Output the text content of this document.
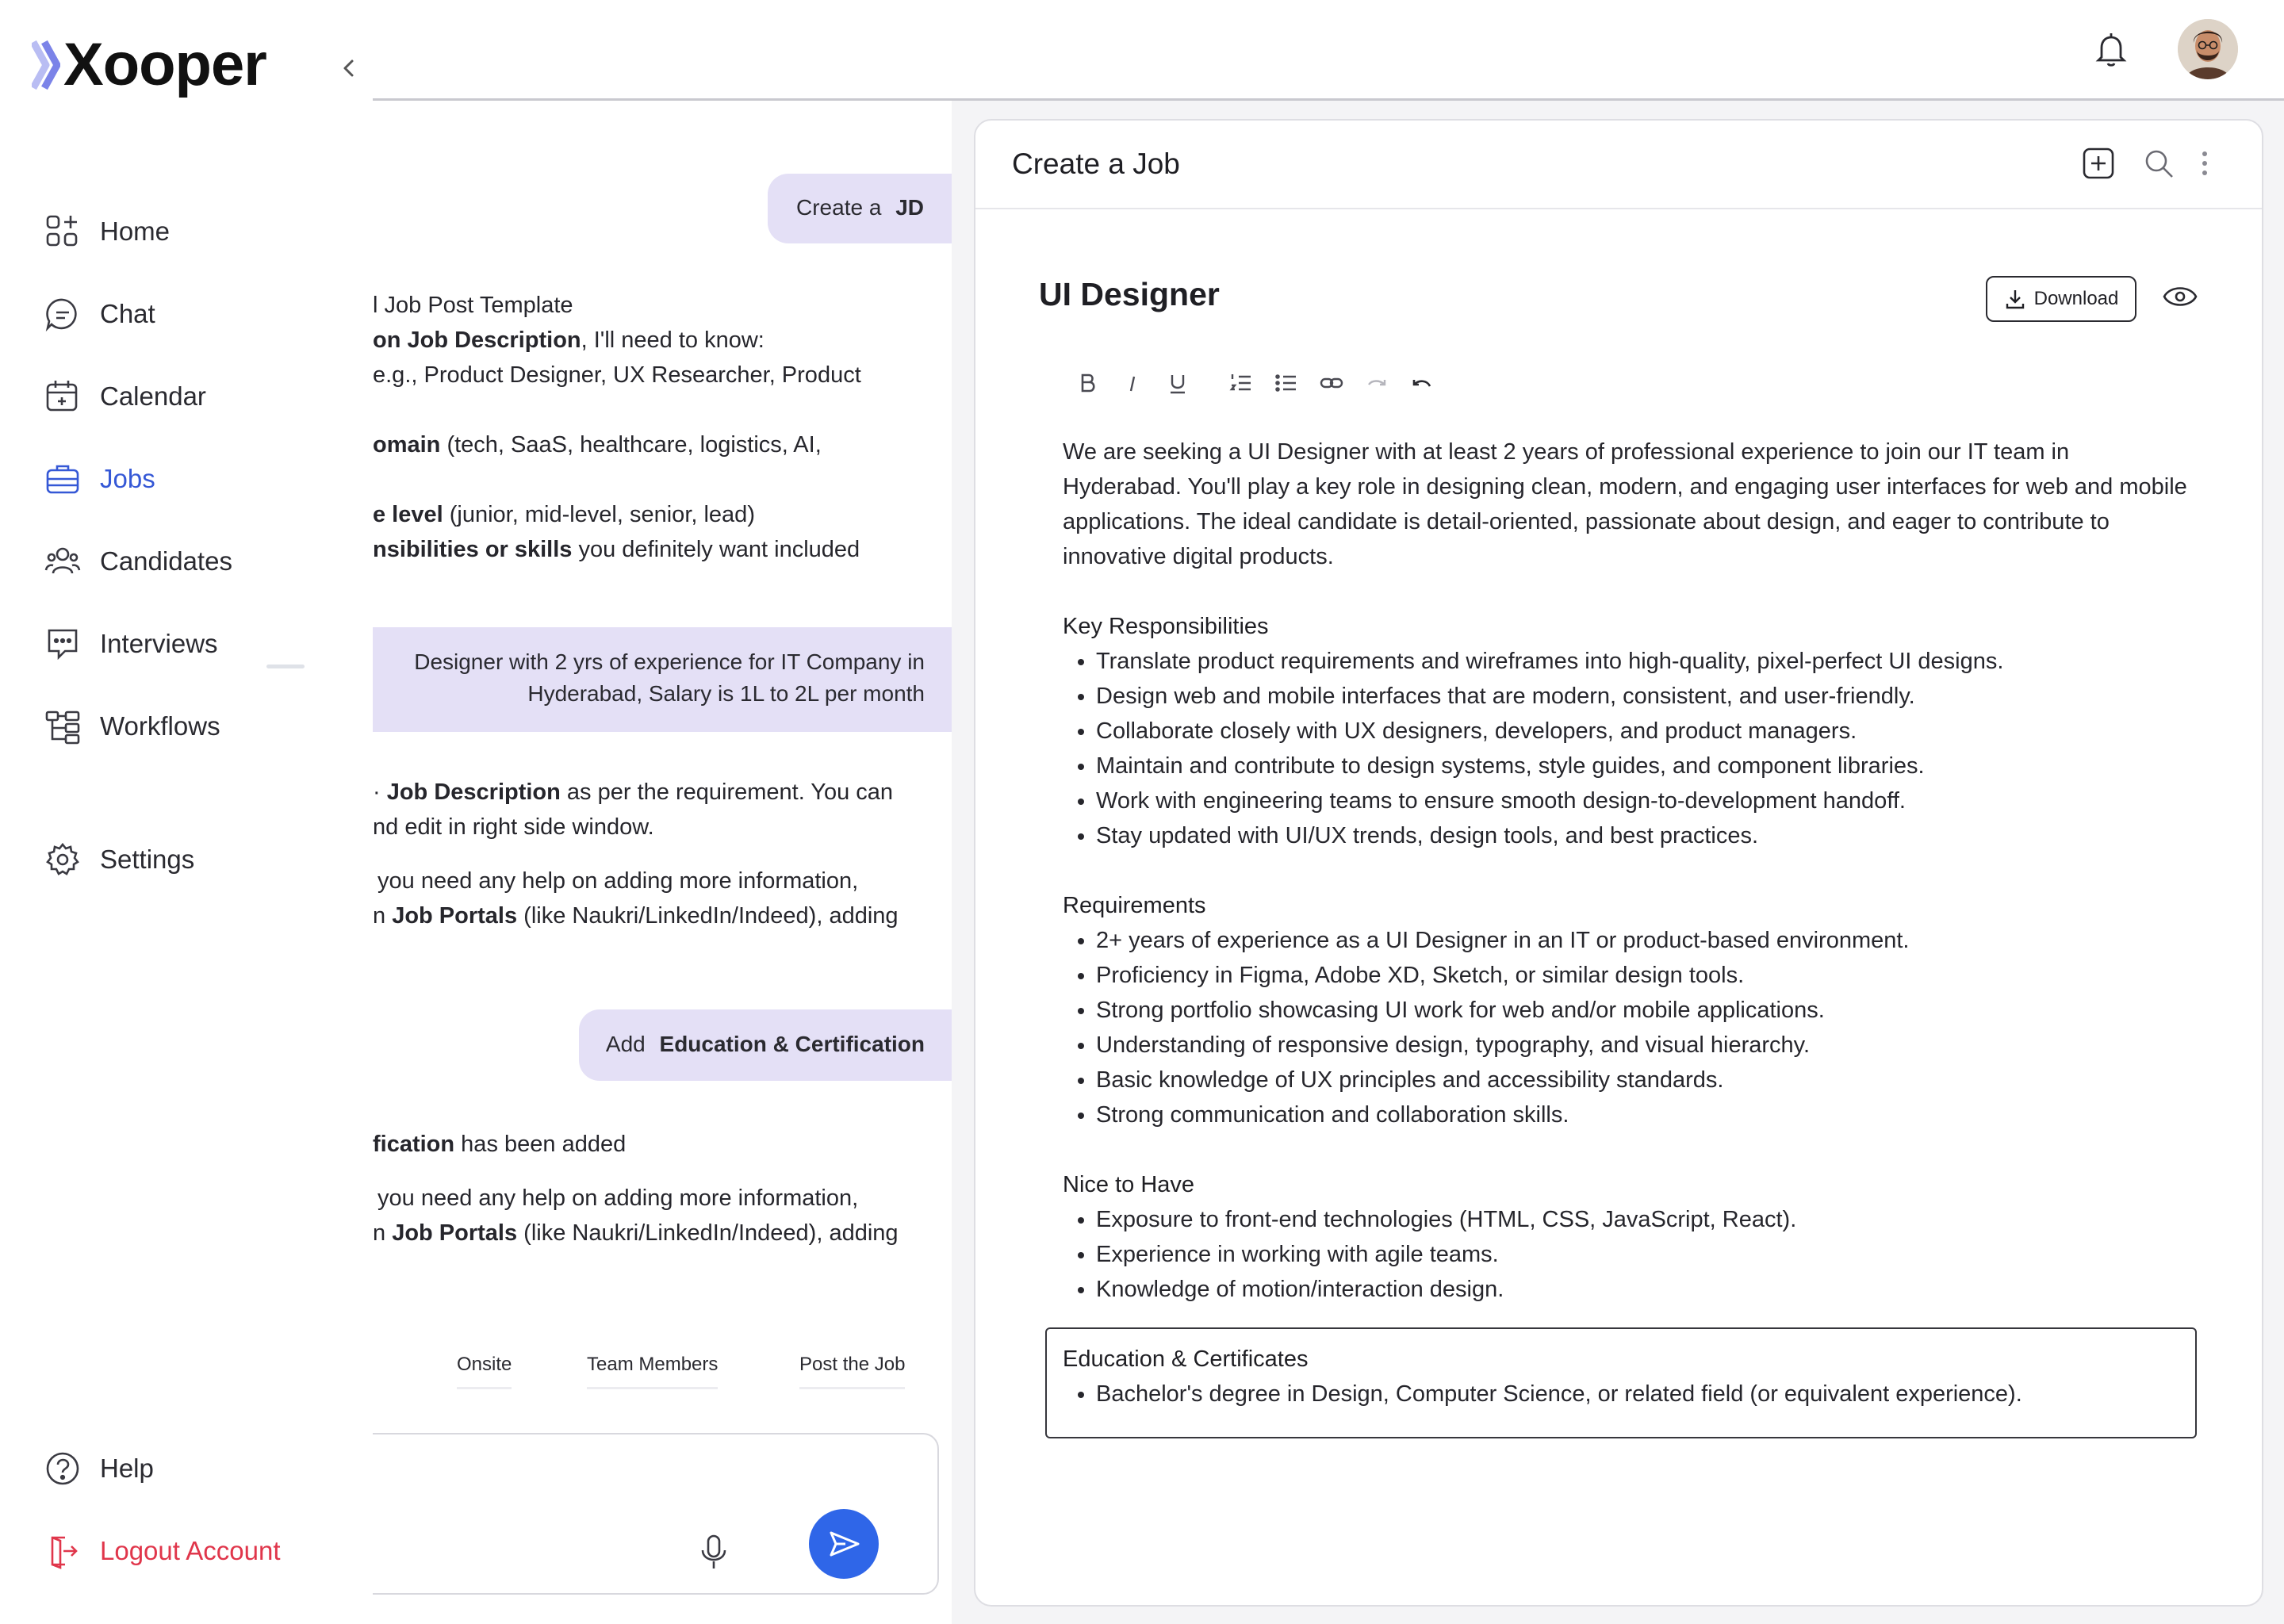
Xooper
Home
Chat
Calendar
Jobs
Candidates
Interviews
Workflows
Settings
Help
Logout Account
Create a JD
l Job Post Template
on Job Description, I'll need to know:
e.g., Product Designer, UX Researcher, Product
omain (tech, SaaS, healthcare, logistics, AI,
e level (junior, mid-level, senior, lead)
nsibilities or skills you definitely want included
Designer with 2 yrs of experience for IT Company in
Hyderabad, Salary is 1L to 2L per month
· Job Description as per the requirement. You can
nd edit in right side window.
you need any help on adding more information,
n Job Portals (like Naukri/LinkedIn/Indeed), adding
Add Education & Certification
fication has been added
you need any help on adding more information,
n Job Portals (like Naukri/LinkedIn/Indeed), adding
Onsite	Team Members	Post the Job
Create a Job
UI Designer	Download

We are seeking a UI Designer with at least 2 years of professional experience to join our IT team in Hyderabad. You'll play a key role in designing clean, modern, and engaging user interfaces for web and mobile applications. The ideal candidate is detail-oriented, passionate about design, and eager to contribute to innovative digital products.

Key Responsibilities
• Translate product requirements and wireframes into high-quality, pixel-perfect UI designs.
• Design web and mobile interfaces that are modern, consistent, and user-friendly.
• Collaborate closely with UX designers, developers, and product managers.
• Maintain and contribute to design systems, style guides, and component libraries.
• Work with engineering teams to ensure smooth design-to-development handoff.
• Stay updated with UI/UX trends, design tools, and best practices.
Requirements
• 2+ years of experience as a UI Designer in an IT or product-based environment.
• Proficiency in Figma, Adobe XD, Sketch, or similar design tools.
• Strong portfolio showcasing UI work for web and/or mobile applications.
• Understanding of responsive design, typography, and visual hierarchy.
• Basic knowledge of UX principles and accessibility standards.
• Strong communication and collaboration skills.
Nice to Have
• Exposure to front-end technologies (HTML, CSS, JavaScript, React).
• Experience in working with agile teams.
• Knowledge of motion/interaction design.
Education & Certificates
• Bachelor's degree in Design, Computer Science, or related field (or equivalent experience).
